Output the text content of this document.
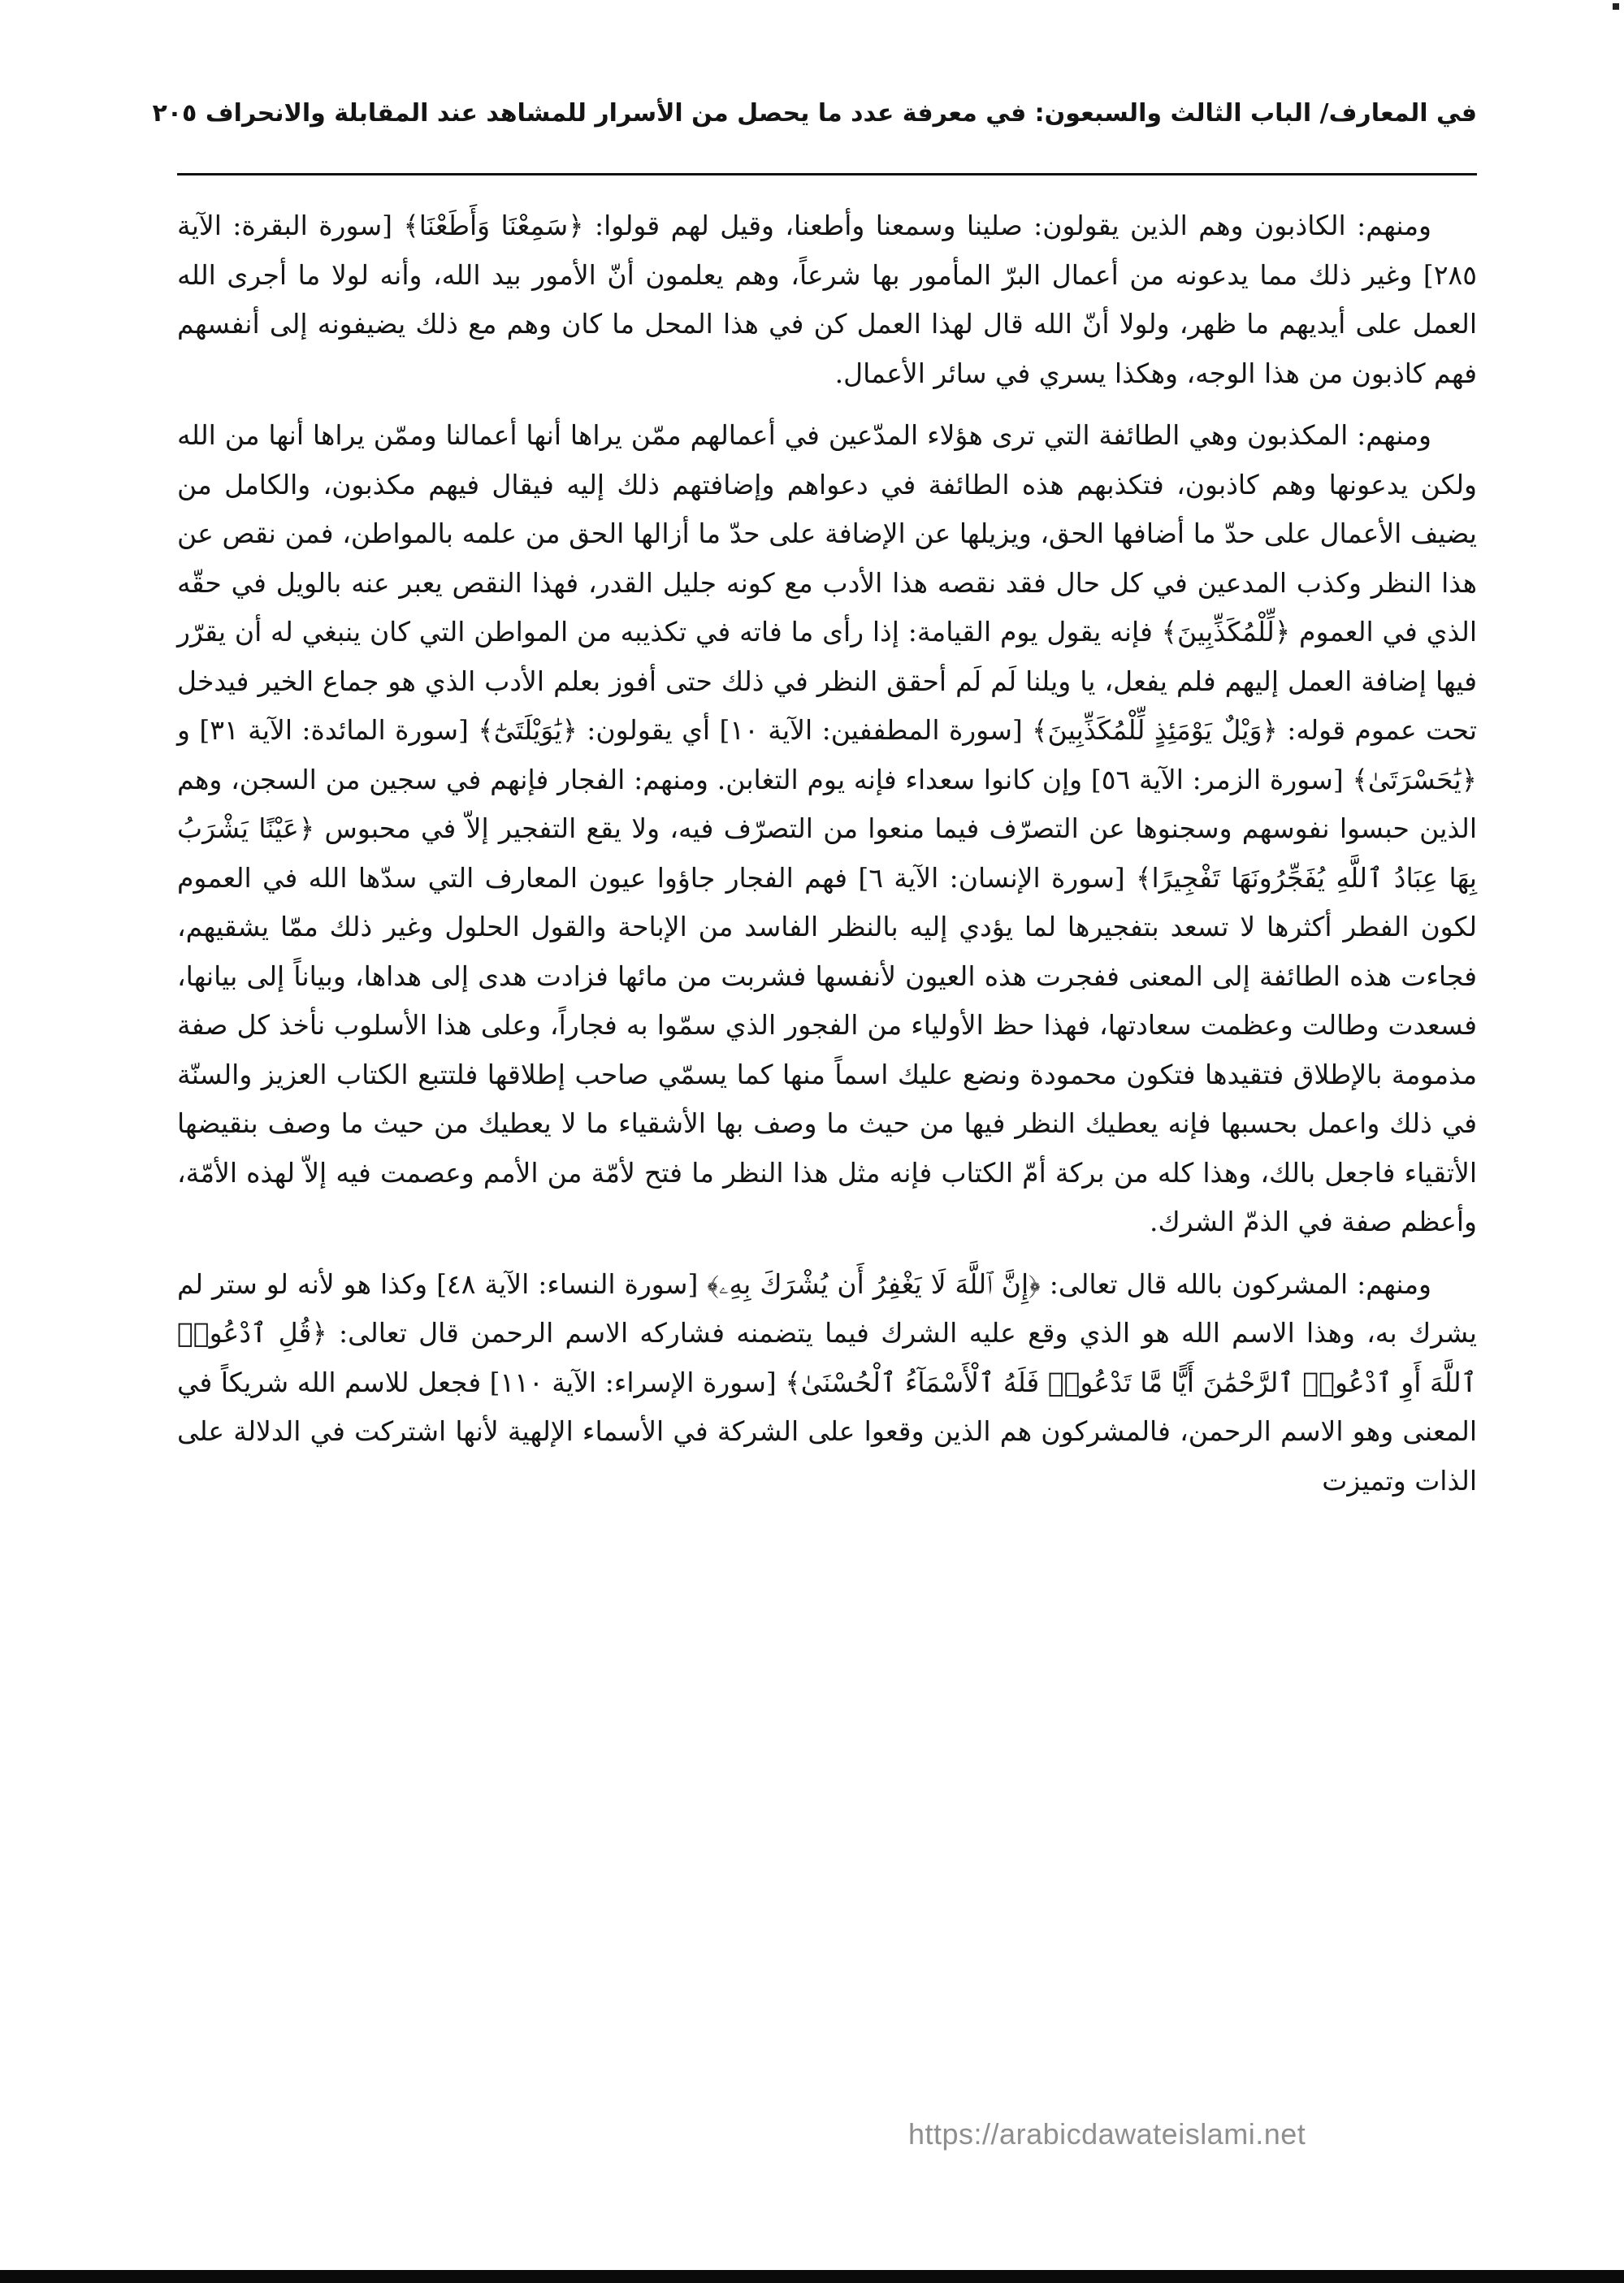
في المعارف/ الباب الثالث والسبعون: في معرفة عدد ما يحصل من الأسرار للمشاهد عند المقابلة والانحراف ٢٠٥

ومنهم: الكاذبون وهم الذين يقولون: صلينا وسمعنا وأطعنا، وقيل لهم قولوا: ﴿سَمِعْنَا وَأَطَعْنَا﴾ [سورة البقرة: الآية ٢٨٥] وغير ذلك مما يدعونه من أعمال البرّ المأمور بها شرعاً، وهم يعلمون أنّ الأمور بيد الله، وأنه لولا ما أجرى الله العمل على أيديهم ما ظهر، ولولا أنّ الله قال لهذا العمل كن في هذا المحل ما كان وهم مع ذلك يضيفونه إلى أنفسهم فهم كاذبون من هذا الوجه، وهكذا يسري في سائر الأعمال.

ومنهم: المكذبون وهي الطائفة التي ترى هؤلاء المدّعين في أعمالهم ممّن يراها أنها أعمالنا وممّن يراها أنها من الله ولكن يدعونها وهم كاذبون، فتكذبهم هذه الطائفة في دعواهم وإضافتهم ذلك إليه فيقال فيهم مكذبون، والكامل من يضيف الأعمال على حدّ ما أضافها الحق، ويزيلها عن الإضافة على حدّ ما أزالها الحق من علمه بالمواطن، فمن نقص عن هذا النظر وكذب المدعين في كل حال فقد نقصه هذا الأدب مع كونه جليل القدر، فهذا النقص يعبر عنه بالويل في حقّه الذي في العموم ﴿لِّلْمُكَذِّبِينَ﴾ فإنه يقول يوم القيامة: إذا رأى ما فاته في تكذيبه من المواطن التي كان ينبغي له أن يقرّر فيها إضافة العمل إليهم فلم يفعل، يا ويلنا لَم لَم أحقق النظر في ذلك حتى أفوز بعلم الأدب الذي هو جماع الخير فيدخل تحت عموم قوله: ﴿وَيْلٌ يَوْمَئِذٍ لِّلْمُكَذِّبِينَ﴾ [سورة المطففين: الآية ١٠] أي يقولون: ﴿يَٰوَيْلَتَىٰٓ﴾ [سورة المائدة: الآية ٣١] و ﴿يَٰحَسْرَتَىٰ﴾ [سورة الزمر: الآية ٥٦] وإن كانوا سعداء فإنه يوم التغابن. ومنهم: الفجار فإنهم في سجين من السجن، وهم الذين حبسوا نفوسهم وسجنوها عن التصرّف فيما منعوا من التصرّف فيه، ولا يقع التفجير إلاّ في محبوس ﴿عَيْنًا يَشْرَبُ بِهَا عِبَادُ ٱللَّهِ يُفَجِّرُونَهَا تَفْجِيرًا﴾ [سورة الإنسان: الآية ٦] فهم الفجار جاؤوا عيون المعارف التي سدّها الله في العموم لكون الفطر أكثرها لا تسعد بتفجيرها لما يؤدي إليه بالنظر الفاسد من الإباحة والقول الحلول وغير ذلك ممّا يشقيهم، فجاءت هذه الطائفة إلى المعنى ففجرت هذه العيون لأنفسها فشربت من مائها فزادت هدى إلى هداها، وبياناً إلى بيانها، فسعدت وطالت وعظمت سعادتها، فهذا حظ الأولياء من الفجور الذي سمّوا به فجاراً، وعلى هذا الأسلوب نأخذ كل صفة مذمومة بالإطلاق فتقيدها فتكون محمودة ونضع عليك اسماً منها كما يسمّي صاحب إطلاقها فلتتبع الكتاب العزيز والسنّة في ذلك واعمل بحسبها فإنه يعطيك النظر فيها من حيث ما وصف بها الأشقياء ما لا يعطيك من حيث ما وصف بنقيضها الأتقياء فاجعل بالك، وهذا كله من بركة أمّ الكتاب فإنه مثل هذا النظر ما فتح لأمّة من الأمم وعصمت فيه إلاّ لهذه الأمّة، وأعظم صفة في الذمّ الشرك.

ومنهم: المشركون بالله قال تعالى: ﴿إِنَّ ٱللَّهَ لَا يَغْفِرُ أَن يُشْرَكَ بِهِۦ﴾ [سورة النساء: الآية ٤٨] وكذا هو لأنه لو ستر لم يشرك به، وهذا الاسم الله هو الذي وقع عليه الشرك فيما يتضمنه فشاركه الاسم الرحمن قال تعالى: ﴿قُلِ ٱدْعُوا۟ ٱللَّهَ أَوِ ٱدْعُوا۟ ٱلرَّحْمَٰنَ أَيًّا مَّا تَدْعُوا۟ فَلَهُ ٱلْأَسْمَآءُ ٱلْحُسْنَىٰ﴾ [سورة الإسراء: الآية ١١٠] فجعل للاسم الله شريكاً في المعنى وهو الاسم الرحمن، فالمشركون هم الذين وقعوا على الشركة في الأسماء الإلهية لأنها اشتركت في الدلالة على الذات وتميزت

https://arabicdawateislami.net
